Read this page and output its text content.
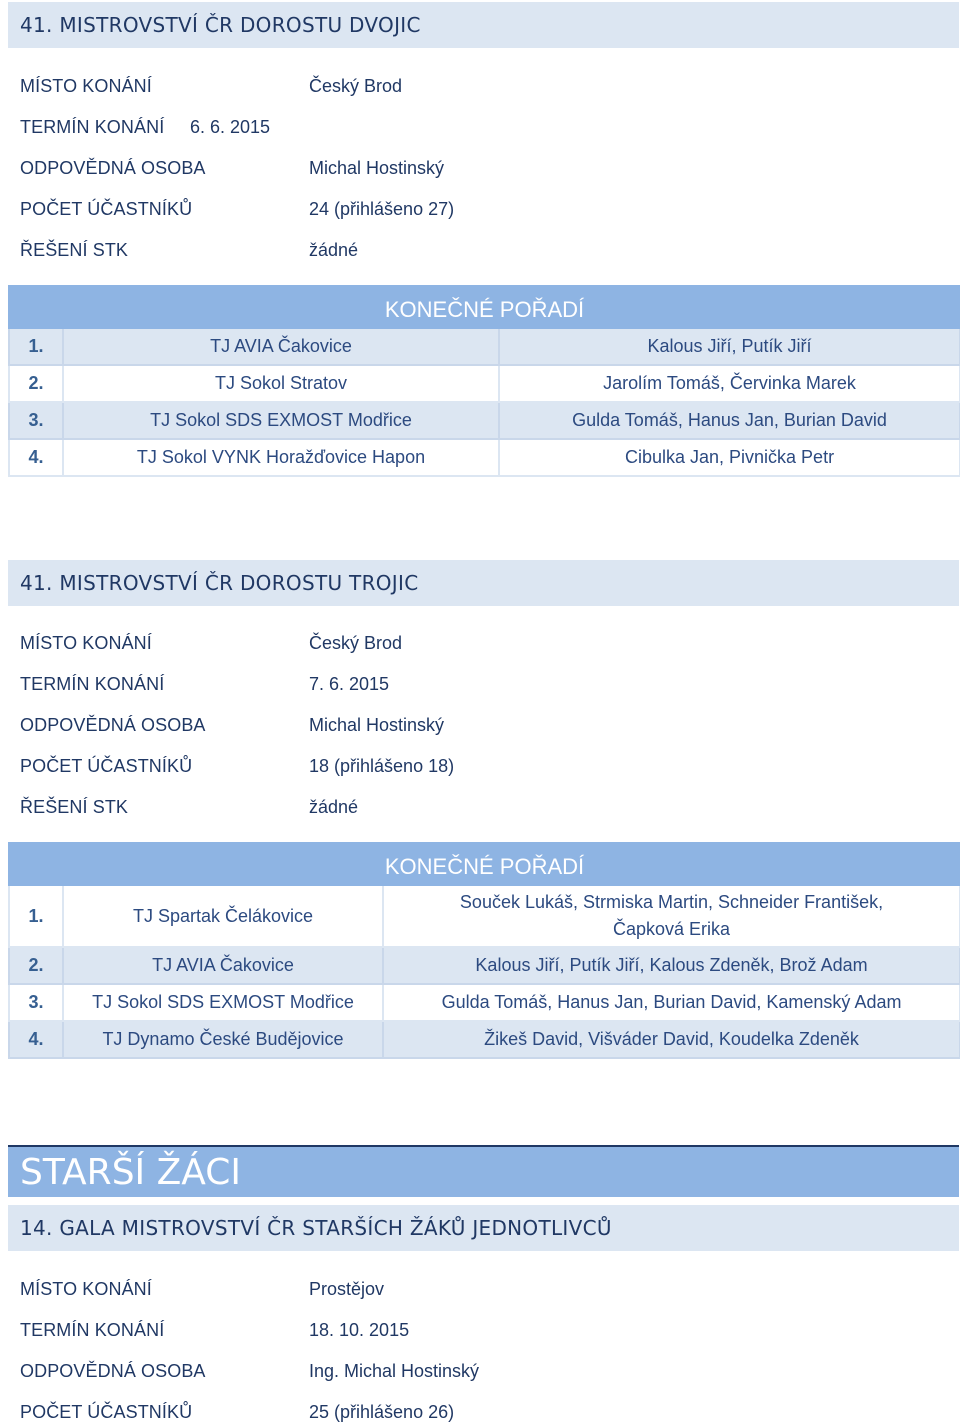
41. MISTROVSTVÍ ČR DOROSTU DVOJIC
MÍSTO KONÁNÍ	Český Brod
TERMÍN KONÁNÍ 6. 6. 2015
ODPOVĚDNÁ OSOBA	Michal Hostinský
POČET ÚČASTNÍKŮ	24 (přihlášeno 27)
ŘEŠENÍ STK	žádné
KONEČNÉ POŘADÍ		
1.	TJ AVIA Čakovice	Kalous Jiří, Putík Jiří
2.	TJ Sokol Stratov	Jarolím Tomáš, Červinka Marek
3.	TJ Sokol SDS EXMOST Modřice	Gulda Tomáš, Hanus Jan, Burian David
4.	TJ Sokol VYNK Horažďovice Hapon	Cibulka Jan, Pivnička Petr
41. MISTROVSTVÍ ČR DOROSTU TROJIC
MÍSTO KONÁNÍ	Český Brod
TERMÍN KONÁNÍ	7. 6. 2015
ODPOVĚDNÁ OSOBA	Michal Hostinský
POČET ÚČASTNÍKŮ	18 (přihlášeno 18)
ŘEŠENÍ STK	žádné
KONEČNÉ POŘADÍ		
1.	TJ Spartak Čelákovice	Souček Lukáš, Strmiska Martin, Schneider František, Čapková Erika
2.	TJ AVIA Čakovice	Kalous Jiří, Putík Jiří, Kalous Zdeněk, Brož Adam
3.	TJ Sokol SDS EXMOST Modřice	Gulda Tomáš, Hanus Jan, Burian David, Kamenský Adam
4.	TJ Dynamo České Budějovice	Žikeš David, Višváder David, Koudelka Zdeněk
STARŠÍ ŽÁCI
14. GALA MISTROVSTVÍ ČR STARŠÍCH ŽÁKŮ JEDNOTLIVCŮ
MÍSTO KONÁNÍ	Prostějov
TERMÍN KONÁNÍ	18. 10. 2015
ODPOVĚDNÁ OSOBA	Ing. Michal Hostinský
POČET ÚČASTNÍKŮ	25 (přihlášeno 26)
